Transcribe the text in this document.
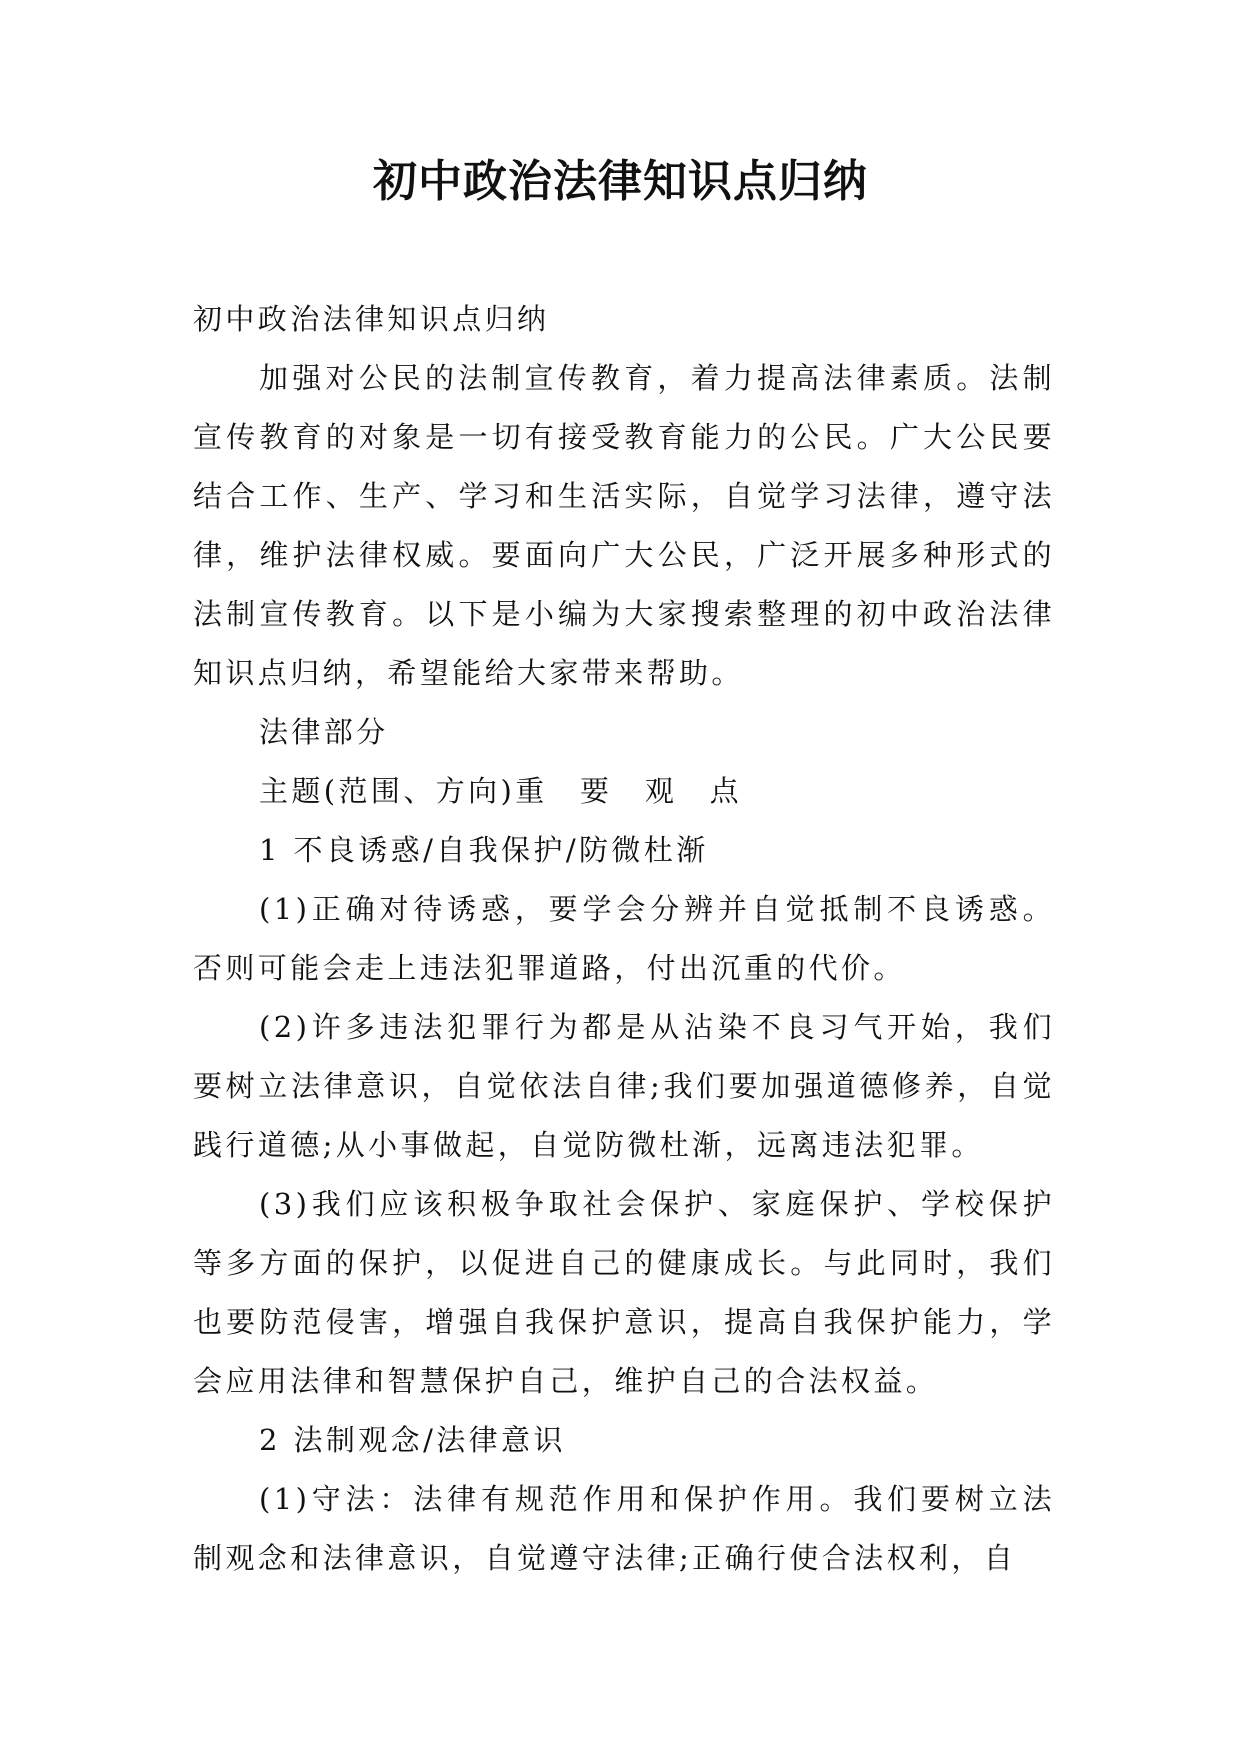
初中政治法律知识点归纳

初中政治法律知识点归纳

加强对公民的法制宣传教育，着力提高法律素质。法制宣传教育的对象是一切有接受教育能力的公民。广大公民要结合工作、生产、学习和生活实际，自觉学习法律，遵守法律，维护法律权威。要面向广大公民，广泛开展多种形式的法制宣传教育。以下是小编为大家搜索整理的初中政治法律知识点归纳，希望能给大家带来帮助。

法律部分

主题(范围、方向)重　要　观　点

1 不良诱惑/自我保护/防微杜渐

(1)正确对待诱惑，要学会分辨并自觉抵制不良诱惑。否则可能会走上违法犯罪道路，付出沉重的代价。

(2)许多违法犯罪行为都是从沾染不良习气开始，我们要树立法律意识，自觉依法自律;我们要加强道德修养，自觉践行道德;从小事做起，自觉防微杜渐，远离违法犯罪。

(3)我们应该积极争取社会保护、家庭保护、学校保护等多方面的保护，以促进自己的健康成长。与此同时，我们也要防范侵害，增强自我保护意识，提高自我保护能力，学会应用法律和智慧保护自己，维护自己的合法权益。

2 法制观念/法律意识

(1)守法：法律有规范作用和保护作用。我们要树立法制观念和法律意识，自觉遵守法律;正确行使合法权利，自
